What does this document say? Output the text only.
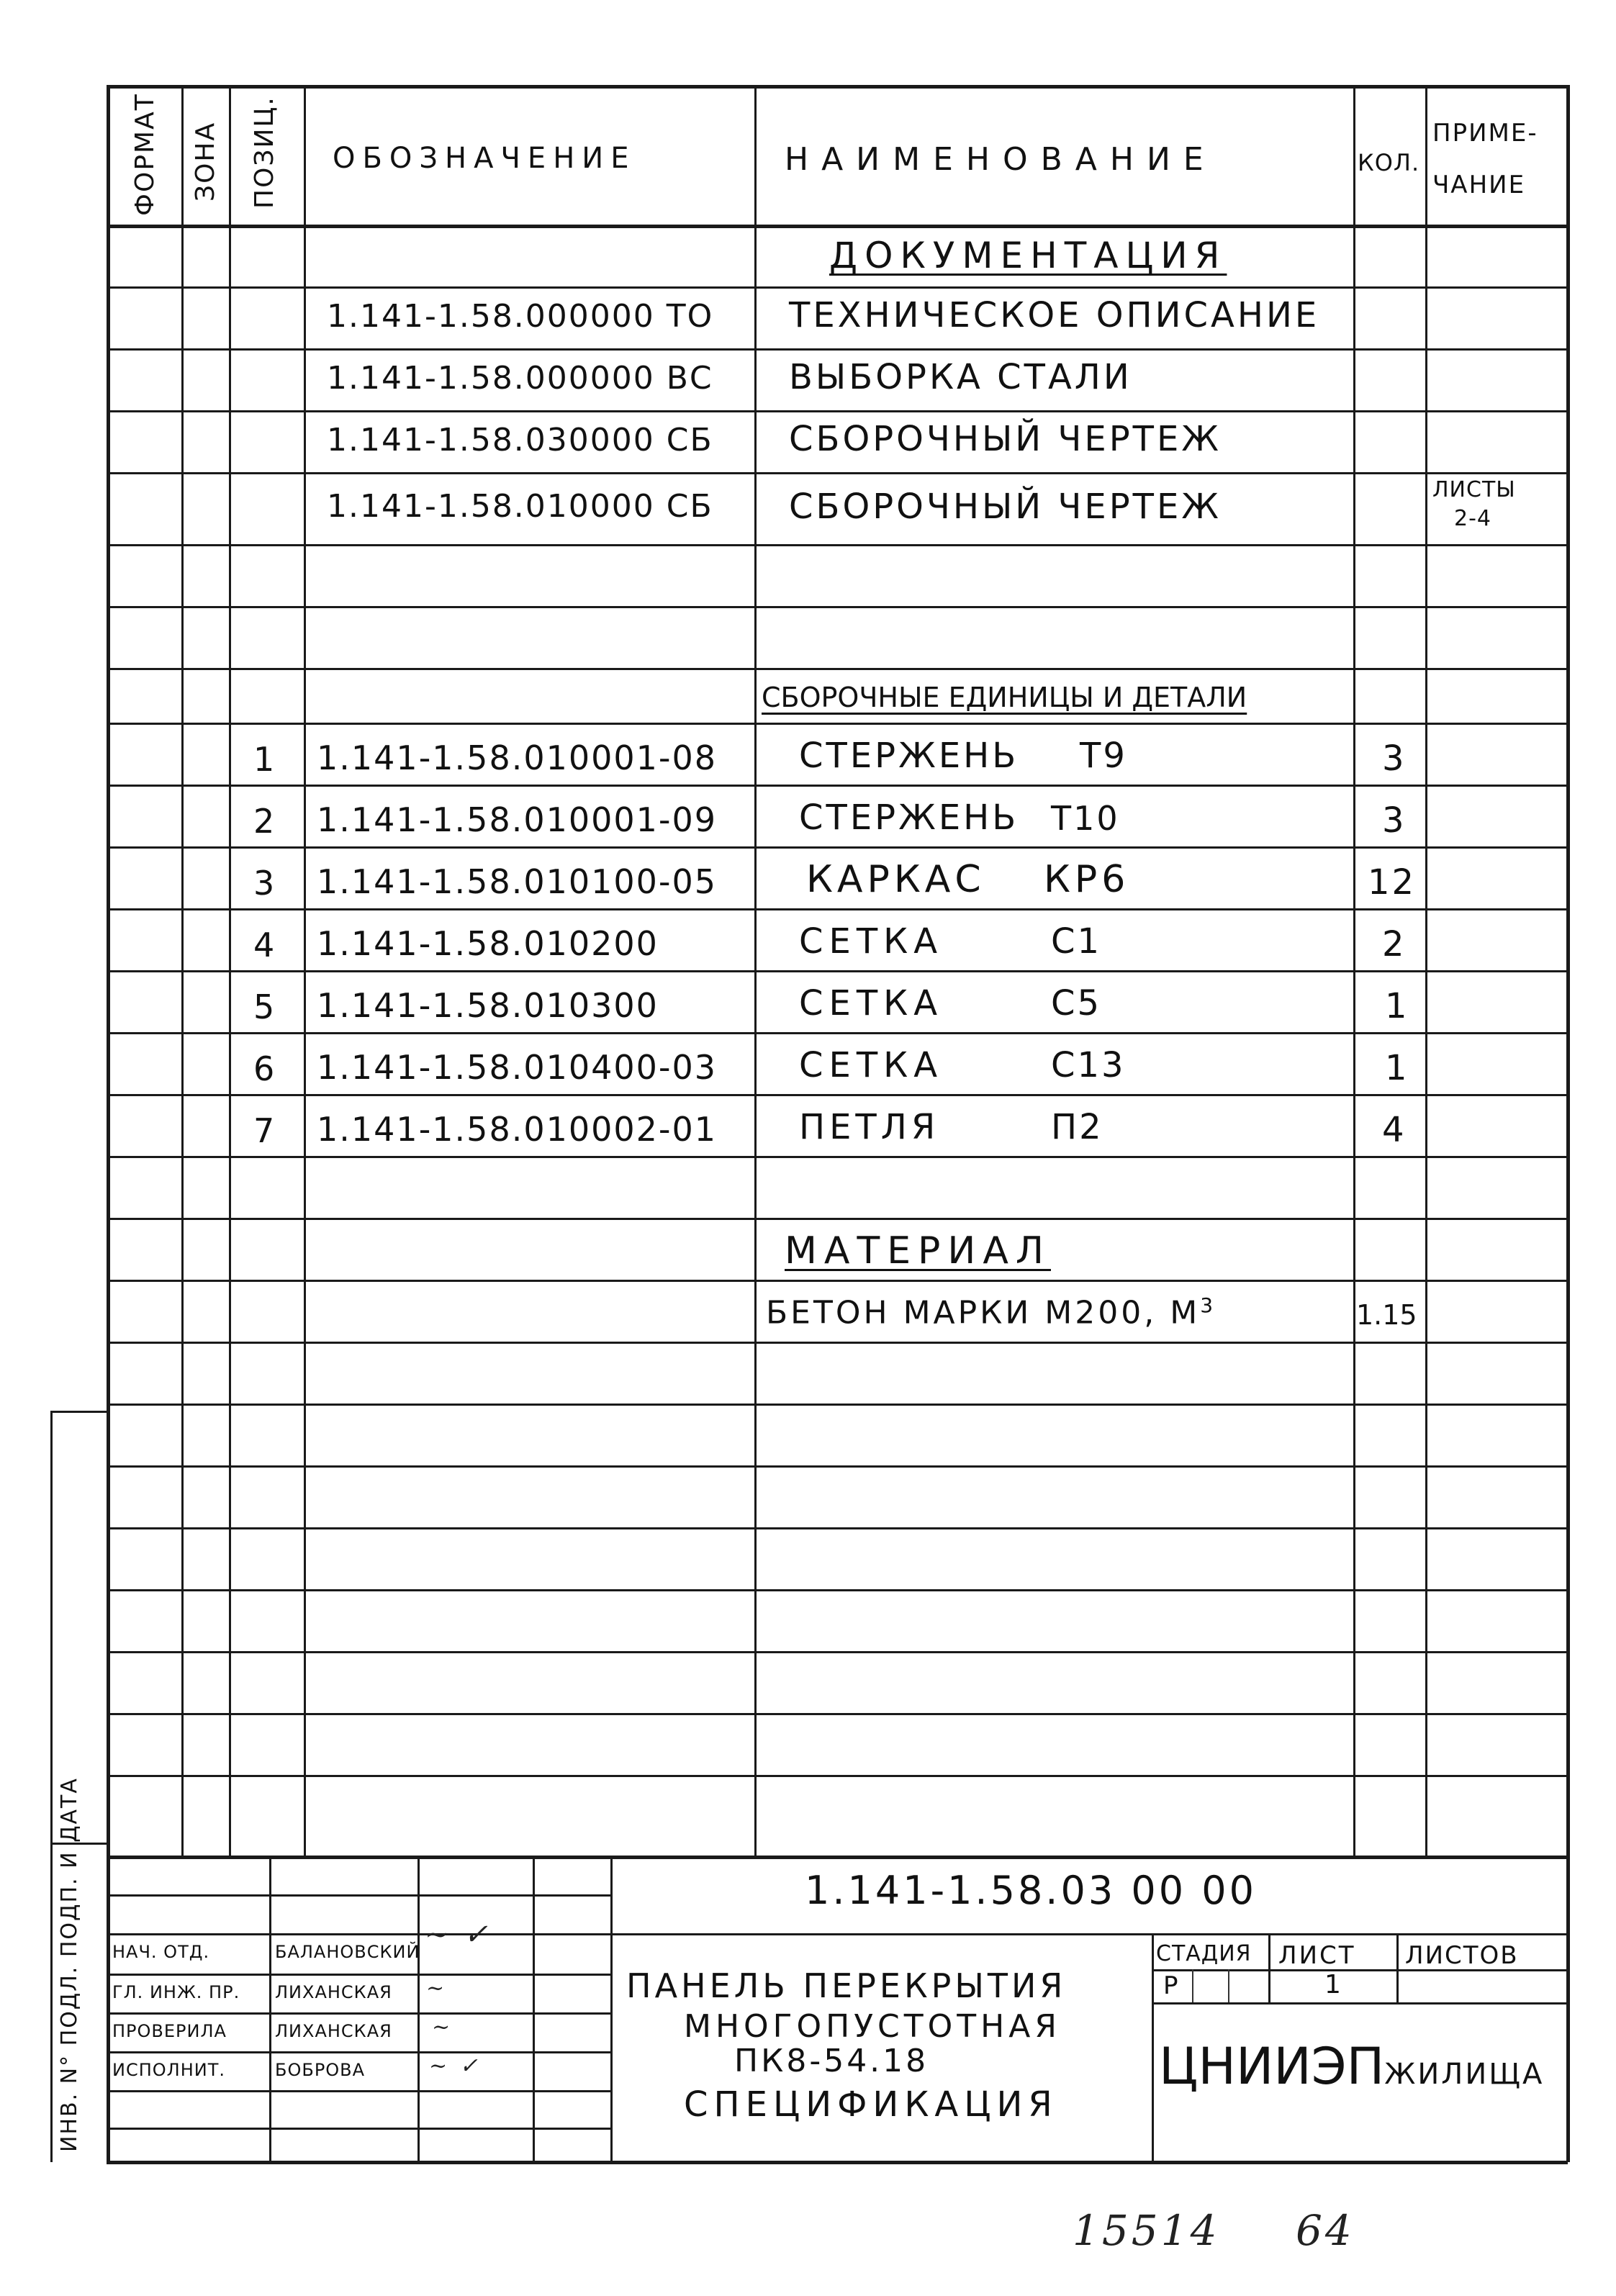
ИНВ. N° ПОДЛ. ПОДП. И ДАТА
ФОРМАТ ЗОНА ПОЗИЦ. ОБОЗНАЧЕНИЕ	НАИМЕНОВАНИЕ	КОЛ.
ПРИМЕ-
ЧАНИЕ
ДОКУМЕНТАЦИЯ
1.141-1.58.000000 ТО ТЕХНИЧЕСКОЕ ОПИСАНИЕ
1.141-1.58.000000 ВС ВЫБОРКА СТАЛИ
1.141-1.58.030000 СБ СБОРОЧНЫЙ ЧЕРТЕЖ
1.141-1.58.010000 СБ СБОРОЧНЫЙ ЧЕРТЕЖ	ЛИСТЫ
2-4
СБОРОЧНЫЕ ЕДИНИЦЫ И ДЕТАЛИ
1 1.141-1.58.010001-08 СТЕРЖЕНЬ Т9	3
2 1.141-1.58.010001-09 СТЕРЖЕНЬ Т10	3
3 1.141-1.58.010100-05 КАРКАС КР6	12
4 1.141-1.58.010200	СЕТКА	С1	2
5 1.141-1.58.010300	СЕТКА	С5	1
6 1.141-1.58.010400-03 СЕТКА	С13	1
7 1.141-1.58.010002-01 ПЕТЛЯ	П2	4
МАТЕРИАЛ
БЕТОН МАРКИ М200, $М^3$	1.15
1.141-1.58.03 00 00
НАЧ. ОТД.	БАЛАНОВСКИЙ
~ ✓
ГЛ. ИНЖ. ПР. ЛИХАНСКАЯ ~
ПРОВЕРИЛА	ЛИХАНСКАЯ ~
ИСПОЛНИТ.	БОБРОВА	~ ✓
ПАНЕЛЬ ПЕРЕКРЫТИЯ
МНОГОПУСТОТНАЯ
ПК8-54.18
СПЕЦИФИКАЦИЯ
СТАДИЯ ЛИСТ ЛИСТОВ
Р	1
ЦНИИЭПЖИЛИЩА
15514 64
